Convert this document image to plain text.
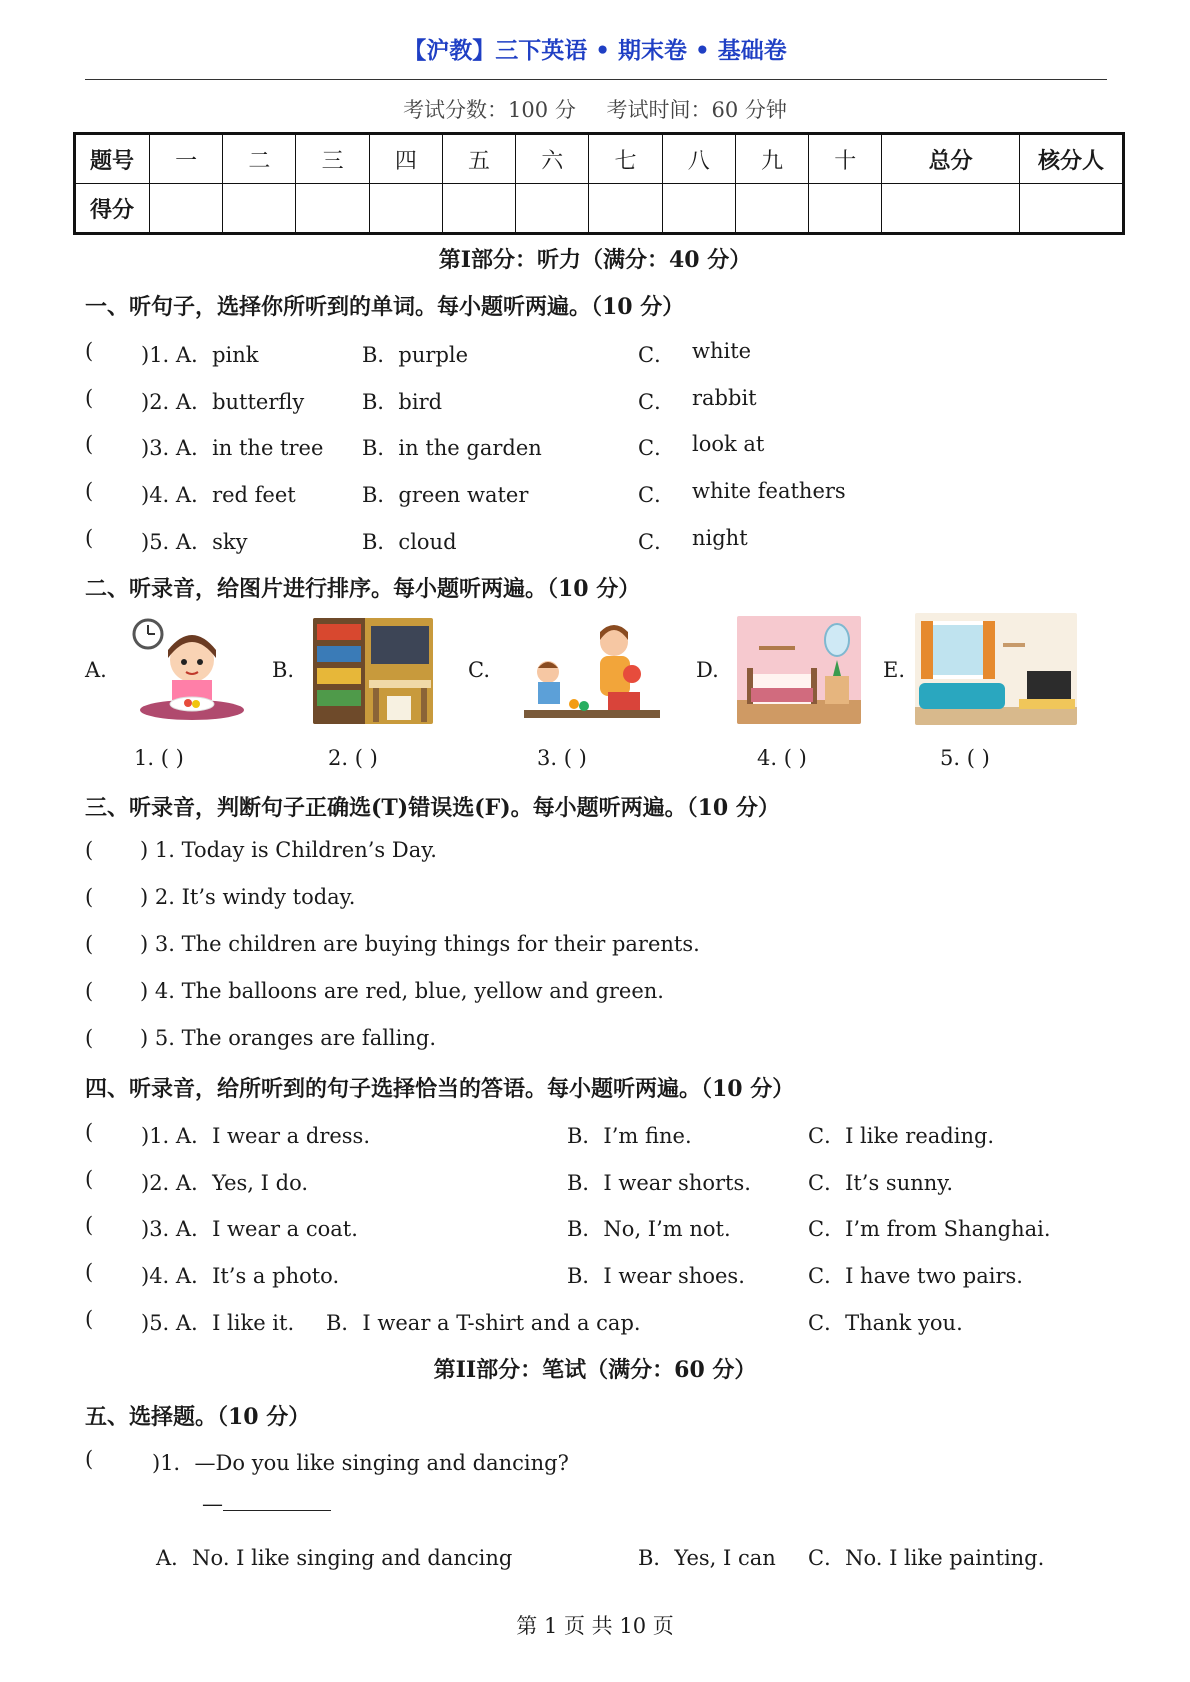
【沪教】三下英语 • 期末卷 • 基础卷
考试分数：100 分 考试时间：60 分钟
题号	一	二	三	四	五	六	七	八	九	十	总分	核分人
得分												
第I部分：听力（满分：40 分）
一、听句子，选择你所听到的单词。每小题听两遍。（10 分）
( )1. A．pink	B．purple	C． white
( )2. A．butterfly	B．bird	C． rabbit
( )3. A．in the tree B．in the garden	C． look at
( )4. A．red feet	B．green water	C． white feathers
( )5. A．sky	B．cloud	C． night
二、听录音，给图片进行排序。每小题听两遍。（10 分）
A.	B.	C.	D.	E.
1. ( )	2. ( )	3. ( )	4. ( )	5. ( )
三、听录音，判断句子正确选(T)错误选(F)。每小题听两遍。（10 分）
( ) 1. Today is Children’s Day.
( ) 2. It’s windy today.
( ) 3. The children are buying things for their parents.
( ) 4. The balloons are red, blue, yellow and green.
( ) 5. The oranges are falling.
四、听录音，给所听到的句子选择恰当的答语。每小题听两遍。（10 分）
( )1. A．I wear a dress.	B．I’m fine.	C．I like reading.
( )2. A．Yes, I do.	B．I wear shorts.	C．It’s sunny.
( )3. A．I wear a coat.	B．No, I’m not.	C．I’m from Shanghai.
( )4. A．It’s a photo.	B．I wear shoes.	C．I have two pairs.
( )5. A．I like it. B．I wear a T-shirt and a cap.	C．Thank you.
第II部分：笔试（满分：60 分）
五、选择题。（10 分）
(	)1．—Do you like singing and dancing?
—
A．No. I like singing and dancing	B．Yes, I can C．No. I like painting.
第 1 页 共 10 页
